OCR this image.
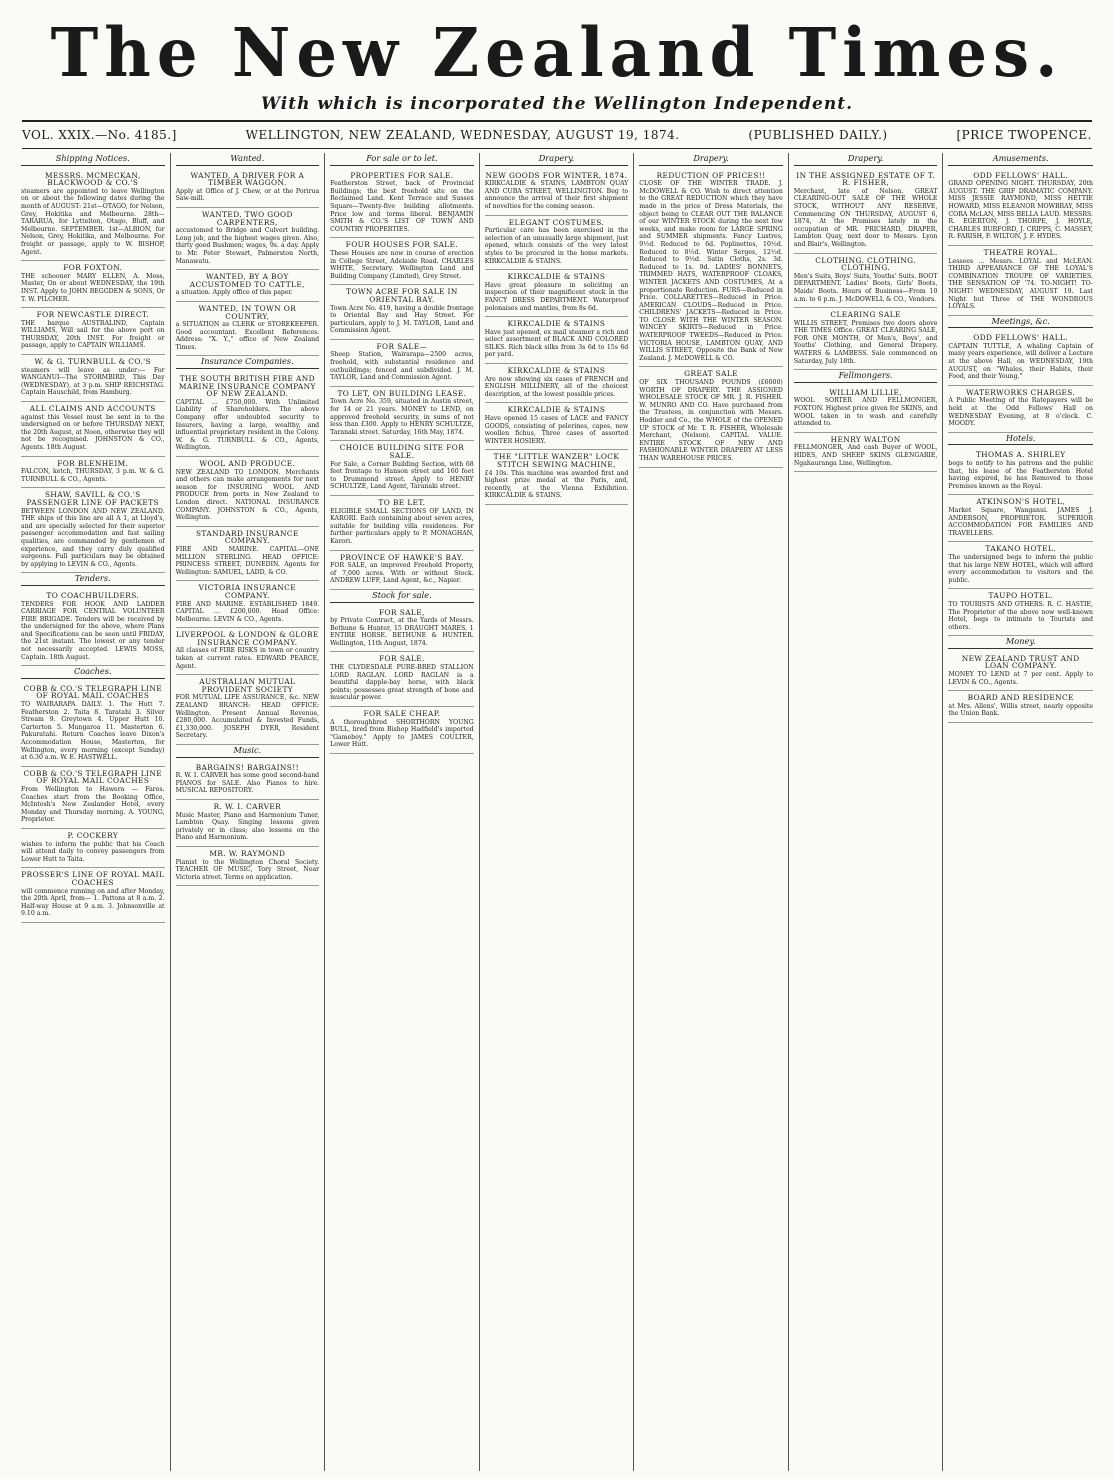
The New Zealand Times.
With which is incorporated the Wellington Independent.
VOL. XXIX.—No. 4185.]	WELLINGTON, NEW ZEALAND, WEDNESDAY, AUGUST 19, 1874.	(PUBLISHED DAILY.)	[PRICE TWOPENCE.
Shipping Notices.
MESSRS. MCMECKAN, BLACKWOOD & CO.'S

steamers are appointed to leave Wellington on or about the following dates during the month of AUGUST: 21st—OTAGO, for Nelson, Grey, Hokitika and Melbourne. 28th—TARARUA, for Lyttelton, Otago, Bluff, and Melbourne. SEPTEMBER. 1st—ALBION, for Nelson, Grey, Hokitika, and Melbourne. For freight or passage, apply to W. BISHOP, Agent.

FOR FOXTON.

THE schooner MARY ELLEN, A. Moss, Master, On or about WEDNESDAY, the 19th INST. Apply to JOHN BEGGDEN & SONS, Or T. W. PILCHER.

FOR NEWCASTLE DIRECT.

THE barque AUSTRALIND, Captain WILLIAMS, Will sail for the above port on THURSDAY, 20th INST. For freight or passage, apply to CAPTAIN WILLIAMS.

W. & G. TURNBULL & CO.'S

steamers will leave as under:— For WANGANUI—The STORMBIRD, This Day (WEDNESDAY), at 3 p.m. SHIP REICHSTAG. Captain Hauschild, from Hamburg.

ALL CLAIMS AND ACCOUNTS

against this Vessel must be sent in to the undersigned on or before THURSDAY NEXT, the 20th August, at Noon, otherwise they will not be recognised. JOHNSTON & CO., Agents. 18th August.

FOR BLENHEIM.

FALCON, ketch, THURSDAY, 3 p.m. W. & G. TURNBULL & CO., Agents.

SHAW, SAVILL & CO.'S PASSENGER LINE OF PACKETS

BETWEEN LONDON AND NEW ZEALAND. THE ships of this line are all A 1, at Lloyd's, and are specially selected for their superior passenger accommodation and fast sailing qualities, are commanded by gentlemen of experience, and they carry duly qualified surgeons. Full particulars may be obtained by applying to LEVIN & CO., Agents.

Tenders.
TO COACHBUILDERS.

TENDERS FOR HOOK AND LADDER CARRIAGE FOR CENTRAL VOLUNTEER FIRE BRIGADE. Tenders will be received by the undersigned for the above, where Plans and Specifications can be seen until FRIDAY, the 21st instant. The lowest or any tender not necessarily accepted. LEWIS MOSS, Captain. 18th August.

Coaches.
COBB & CO.'S TELEGRAPH LINE OF ROYAL MAIL COACHES

TO WAIRARAPA DAILY. 1. The Hutt 7. Featherston 2. Taita 8. Taratahi 3. Silver Stream 9. Greytown 4. Upper Hutt 10. Carterton 5. Mungaroa 11. Masterton 6. Pakuratahi. Return Coaches leave Dixon's Accommodation House, Masterton, for Wellington, every morning (except Sunday) at 6.30 a.m. W. E. HASTWELL.

COBB & CO.'S TELEGRAPH LINE OF ROYAL MAIL COACHES

From Wellington to Hawera — Fares. Coaches start from the Booking Office, McIntosh's New Zealander Hotel, every Monday and Thursday morning. A. YOUNG, Proprietor.

P. COCKERY

wishes to inform the public that his Coach will attend daily to convey passengers from Lower Hutt to Taita.

PROSSER'S LINE OF ROYAL MAIL COACHES

will commence running on and after Monday, the 20th April, from— 1. Pattons at 8 a.m. 2. Half-way House at 9 a.m. 3. Johnsonville at 9.10 a.m.

Wanted.
WANTED, A DRIVER FOR A TIMBER WAGGON.

Apply at Office of J. Chew, or at the Porirua Saw-mill.

WANTED, TWO GOOD CARPENTERS,

accustomed to Bridge and Culvert building. Long job, and the highest wages given. Also, thirty good Bushmen; wages, 9s. a day. Apply to Mr. Peter Stewart, Palmerston North, Manawatu.

WANTED, BY A BOY ACCUSTOMED TO CATTLE,

a situation. Apply office of this paper.

WANTED, IN TOWN OR COUNTRY,

a SITUATION as CLERK or STOREKEEPER. Good accountant. Excellent References. Address: "X. Y.," office of New Zealand Times.

Insurance Companies.
THE SOUTH BRITISH FIRE AND MARINE INSURANCE COMPANY OF NEW ZEALAND.

CAPITAL ... £750,000. With Unlimited Liability of Shareholders. The above Company offer undoubted security to Insurers, having a large, wealthy, and influential proprietary resident in the Colony. W. & G. TURNBULL & CO., Agents, Wellington.

WOOL AND PRODUCE.

NEW ZEALAND TO LONDON. Merchants and others can make arrangements for next season for INSURING WOOL AND PRODUCE from ports in New Zealand to London direct. NATIONAL INSURANCE COMPANY. JOHNSTON & CO., Agents, Wellington.

STANDARD INSURANCE COMPANY.

FIRE AND MARINE. CAPITAL—ONE MILLION STERLING. HEAD OFFICE: PRINCESS STREET, DUNEDIN. Agents for Wellington: SAMUEL, LADD, & CO.

VICTORIA INSURANCE COMPANY.

FIRE AND MARINE. ESTABLISHED 1849. CAPITAL ... £200,000. Head Office: Melbourne. LEVIN & CO., Agents.

LIVERPOOL & LONDON & GLOBE INSURANCE COMPANY.

All classes of FIRE RISKS in town or country taken at current rates. EDWARD PEARCE, Agent.

AUSTRALIAN MUTUAL PROVIDENT SOCIETY

FOR MUTUAL LIFE ASSURANCE, &c. NEW ZEALAND BRANCH: HEAD OFFICE: Wellington. Present Annual Revenue, £280,000. Accumulated & Invested Funds, £1,330,000. JOSEPH DYER, Resident Secretary.

Music.
BARGAINS! BARGAINS!!

R. W. I. CARVER has some good second-hand PIANOS for SALE. Also Pianos to hire. MUSICAL REPOSITORY.

R. W. I. CARVER

Music Master, Piano and Harmonium Tuner, Lambton Quay. Singing lessons given privately or in class; also lessons on the Piano and Harmonium.

MR. W. RAYMOND

Pianist to the Wellington Choral Society. TEACHER OF MUSIC, Tory Street, Near Victoria street. Terms on application.

For sale or to let.
PROPERTIES FOR SALE.

Featherston Street, back of Provincial Buildings; the best freehold site on the Reclaimed Land. Kent Terrace and Sussex Square—Twenty-five building allotments. Price low and terms liberal. BENJAMIN SMITH & CO.'S LIST OF TOWN AND COUNTRY PROPERTIES.

FOUR HOUSES FOR SALE.

These Houses are now in course of erection in College Street, Adelaide Road. CHARLES WHITE, Secretary. Wellington Land and Building Company (Limited), Grey Street.

TOWN ACRE FOR SALE IN ORIENTAL BAY.

Town Acre No. 419, having a double frontage to Oriental Bay and Hay Street. For particulars, apply to J. M. TAYLOR, Land and Commission Agent.

FOR SALE—

Sheep Station, Wairarapa—2500 acres, freehold, with substantial residence and outbuildings; fenced and subdivided. J. M. TAYLOR, Land and Commission Agent.

TO LET, ON BUILDING LEASE.

Town Acre No. 359, situated in Austin street, for 14 or 21 years. MONEY to LEND, on approved freehold security, in sums of not less than £300. Apply to HENRY SCHULTZE, Taranaki street. Saturday, 16th May, 1874.

CHOICE BUILDING SITE FOR SALE.

For Sale, a Corner Building Section, with 68 feet frontage to Hanson street and 160 feet to Drummond street. Apply to HENRY SCHULTZE, Land Agent, Taranaki street.

TO BE LET.

ELIGIBLE SMALL SECTIONS OF LAND, IN KARORI. Each containing about seven acres, suitable for building villa residences. For further particulars apply to P. MONAGHAN, Karori.

PROVINCE OF HAWKE'S BAY.

FOR SALE, an improved Freehold Property, of 7,000 acres. With or without Stock. ANDREW LUFF, Land Agent, &c., Napier.

Stock for sale.
FOR SALE,

by Private Contract, at the Yards of Messrs. Bethune & Hunter, 15 DRAUGHT MARES. 1 ENTIRE HORSE. BETHUNE & HUNTER. Wellington, 11th August, 1874.

FOR SALE.

THE CLYDESDALE PURE-BRED STALLION LORD RAGLAN. LORD RAGLAN is a beautiful dapple-bay horse, with black points; possesses great strength of bone and muscular power.

FOR SALE CHEAP.

A thoroughbred SHORTHORN YOUNG BULL, bred from Bishop Hadfield's imported "Gameboy." Apply to JAMES COULTER, Lower Hutt.

Drapery.
NEW GOODS FOR WINTER, 1874.

KIRKCALDIE & STAINS, LAMBTON QUAY AND CUBA STREET, WELLINGTON. Beg to announce the arrival of their first shipment of novelties for the coming season.

ELEGANT COSTUMES.

Particular care has been exercised in the selection of an unusually large shipment, just opened, which consists of the very latest styles to be procured in the home markets. KIRKCALDIE & STAINS.

KIRKCALDIE & STAINS

Have great pleasure in soliciting an inspection of their magnificent stock in the FANCY DRESS DEPARTMENT. Waterproof polonaises and mantles, from 8s 6d.

KIRKCALDIE & STAINS

Have just opened, ex mail steamer a rich and select assortment of BLACK AND COLORED SILKS. Rich black silks from 3s 6d to 15s 6d per yard.

KIRKCALDIE & STAINS

Are now showing six cases of FRENCH and ENGLISH MILLINERY, all of the choicest description, at the lowest possible prices.

KIRKCALDIE & STAINS

Have opened 15 cases of LACE and FANCY GOODS, consisting of pelerines, capes, new woollen fichus, Three cases of assorted WINTER HOSIERY.

THE "LITTLE WANZER" LOCK STITCH SEWING MACHINE,

£4 10s. This machine was awarded first and highest prize medal at the Paris, and, recently, at the Vienna Exhibition. KIRKCALDIE & STAINS.

Drapery.
REDUCTION OF PRICES!!

CLOSE OF THE WINTER TRADE. J. McDOWELL & CO. Wish to direct attention to the GREAT REDUCTION which they have made in the price of Dress Materials, the object being to CLEAR OUT THE BALANCE of our WINTER STOCK during the next few weeks, and make room for LARGE SPRING and SUMMER shipments. Fancy Lustres, 9½d. Reduced to 6d. Poplinettes, 10½d. Reduced to 8½d. Winter Serges, 12½d. Reduced to 9½d. Satin Cloths, 2s. 3d. Reduced to 1s. 9d. LADIES' BONNETS, TRIMMED HATS, WATERPROOF CLOAKS, WINTER JACKETS AND COSTUMES, At a proportionate Reduction. FURS—Reduced in Price. COLLARETTES—Reduced in Price. AMERICAN CLOUDS—Reduced in Price. CHILDRENS' JACKETS—Reduced in Price. TO CLOSE WITH THE WINTER SEASON. WINCEY SKIRTS—Reduced in Price. WATERPROOF TWEEDS—Reduced in Price. VICTORIA HOUSE, LAMBTON QUAY, AND WILLIS STREET, Opposite the Bank of New Zealand. J. McDOWELL & CO.

GREAT SALE

OF SIX THOUSAND POUNDS (£6000) WORTH OF DRAPERY. THE ASSIGNED WHOLESALE STOCK OF MR. J. R. FISHER. W. MUNRO AND CO. Have purchased from the Trustees, in conjunction with Messrs. Hodder and Co., the WHOLE of the OPENED UP STOCK of Mr. T. R. FISHER, Wholesale Merchant, (Nelson). CAPITAL VALUE. ENTIRE STOCK OF NEW AND FASHIONABLE WINTER DRAPERY AT LESS THAN WAREHOUSE PRICES.

Drapery.
IN THE ASSIGNED ESTATE OF T. R. FISHER,

Merchant, late of Nelson. GREAT CLEARING-OUT SALE OF THE WHOLE STOCK, WITHOUT ANY RESERVE, Commencing ON THURSDAY, AUGUST 6, 1874, At the Premises lately in the occupation of MR. PRICHARD, DRAPER, Lambton Quay, next door to Messrs. Lyon and Blair's, Wellington.

CLOTHING. CLOTHING. CLOTHING.

Men's Suits, Boys' Suits, Youths' Suits. BOOT DEPARTMENT. Ladies' Boots, Girls' Boots, Maids' Boots. Hours of Business—From 10 a.m. to 6 p.m. J. McDOWELL & CO., Vendors.

CLEARING SALE

WILLIS STREET, Premises two doors above THE TIMES Office. GREAT CLEARING SALE, FOR ONE MONTH, Of Men's, Boys', and Youths' Clothing, and General Drapery. WATERS & LAMBESS. Sale commenced on Saturday, July 18th.

Fellmongers.
WILLIAM LILLIE,

WOOL SORTER AND FELLMONGER, FOXTON. Highest price given for SKINS, and WOOL taken in to wash and carefully attended to.

HENRY WALTON

FELLMONGER, And cash Buyer of WOOL, HIDES, AND SHEEP SKINS GLENGARIE, Ngahauranga Line, Wellington.

Amusements.
ODD FELLOWS' HALL.

GRAND OPENING NIGHT. THURSDAY, 20th AUGUST. THE GRIF DRAMATIC COMPANY. MISS JESSIE RAYMOND, MISS HETTIE HOWARD, MISS ELEANOR MOWBRAY, MISS CORA McLAN, MISS BELLA LAUD. MESSRS. R. EGERTON, J. THORPE, J. HOYLE, CHARLES BURFORD, J. CRIPPS, C. MASSEY, R. FARISH, F. WILTON, J. F. HYDES.

THEATRE ROYAL.

Lessees ... Messrs. LOYAL and McLEAN. THIRD APPEARANCE OF THE LOYAL'S COMBINATION TROUPE OF VARIETIES. THE SENSATION OF '74. TO-NIGHT! TO-NIGHT! WEDNESDAY, AUGUST 19. Last Night but Three of THE WONDROUS LOYALS.

Meetings, &c.
ODD FELLOWS' HALL.

CAPTAIN TUTTLE, A whaling Captain of many years experience, will deliver a Lecture at the above Hall, on WEDNESDAY, 19th AUGUST, on "Whales, their Habits, their Food, and their Young."

WATERWORKS CHARGES.

A Public Meeting of the Ratepayers will be held at the Odd Fellows' Hall on WEDNESDAY Evening, at 8 o'clock. C. MOODY.

Hotels.
THOMAS A. SHIRLEY

begs to notify to his patrons and the public that, his lease of the Featherston Hotel having expired, he has Removed to those Premises known as the Royal.

ATKINSON'S HOTEL,

Market Square, Wanganui. JAMES J. ANDERSON, PROPRIETOR. SUPERIOR ACCOMMODATION FOR FAMILIES AND TRAVELLERS.

TAKANO HOTEL.

The undersigned begs to inform the public that his large NEW HOTEL, which will afford every accommodation to visitors and the public.

TAUPO HOTEL.

TO TOURISTS AND OTHERS. R. C. HASTIE, The Proprietor of the above now well-known Hotel, begs to intimate to Tourists and others.

Money.
NEW ZEALAND TRUST AND LOAN COMPANY.

MONEY TO LEND at 7 per cent. Apply to LEVIN & CO., Agents.

BOARD AND RESIDENCE

at Mrs. Allens', Willis street, nearly opposite the Union Bank.
